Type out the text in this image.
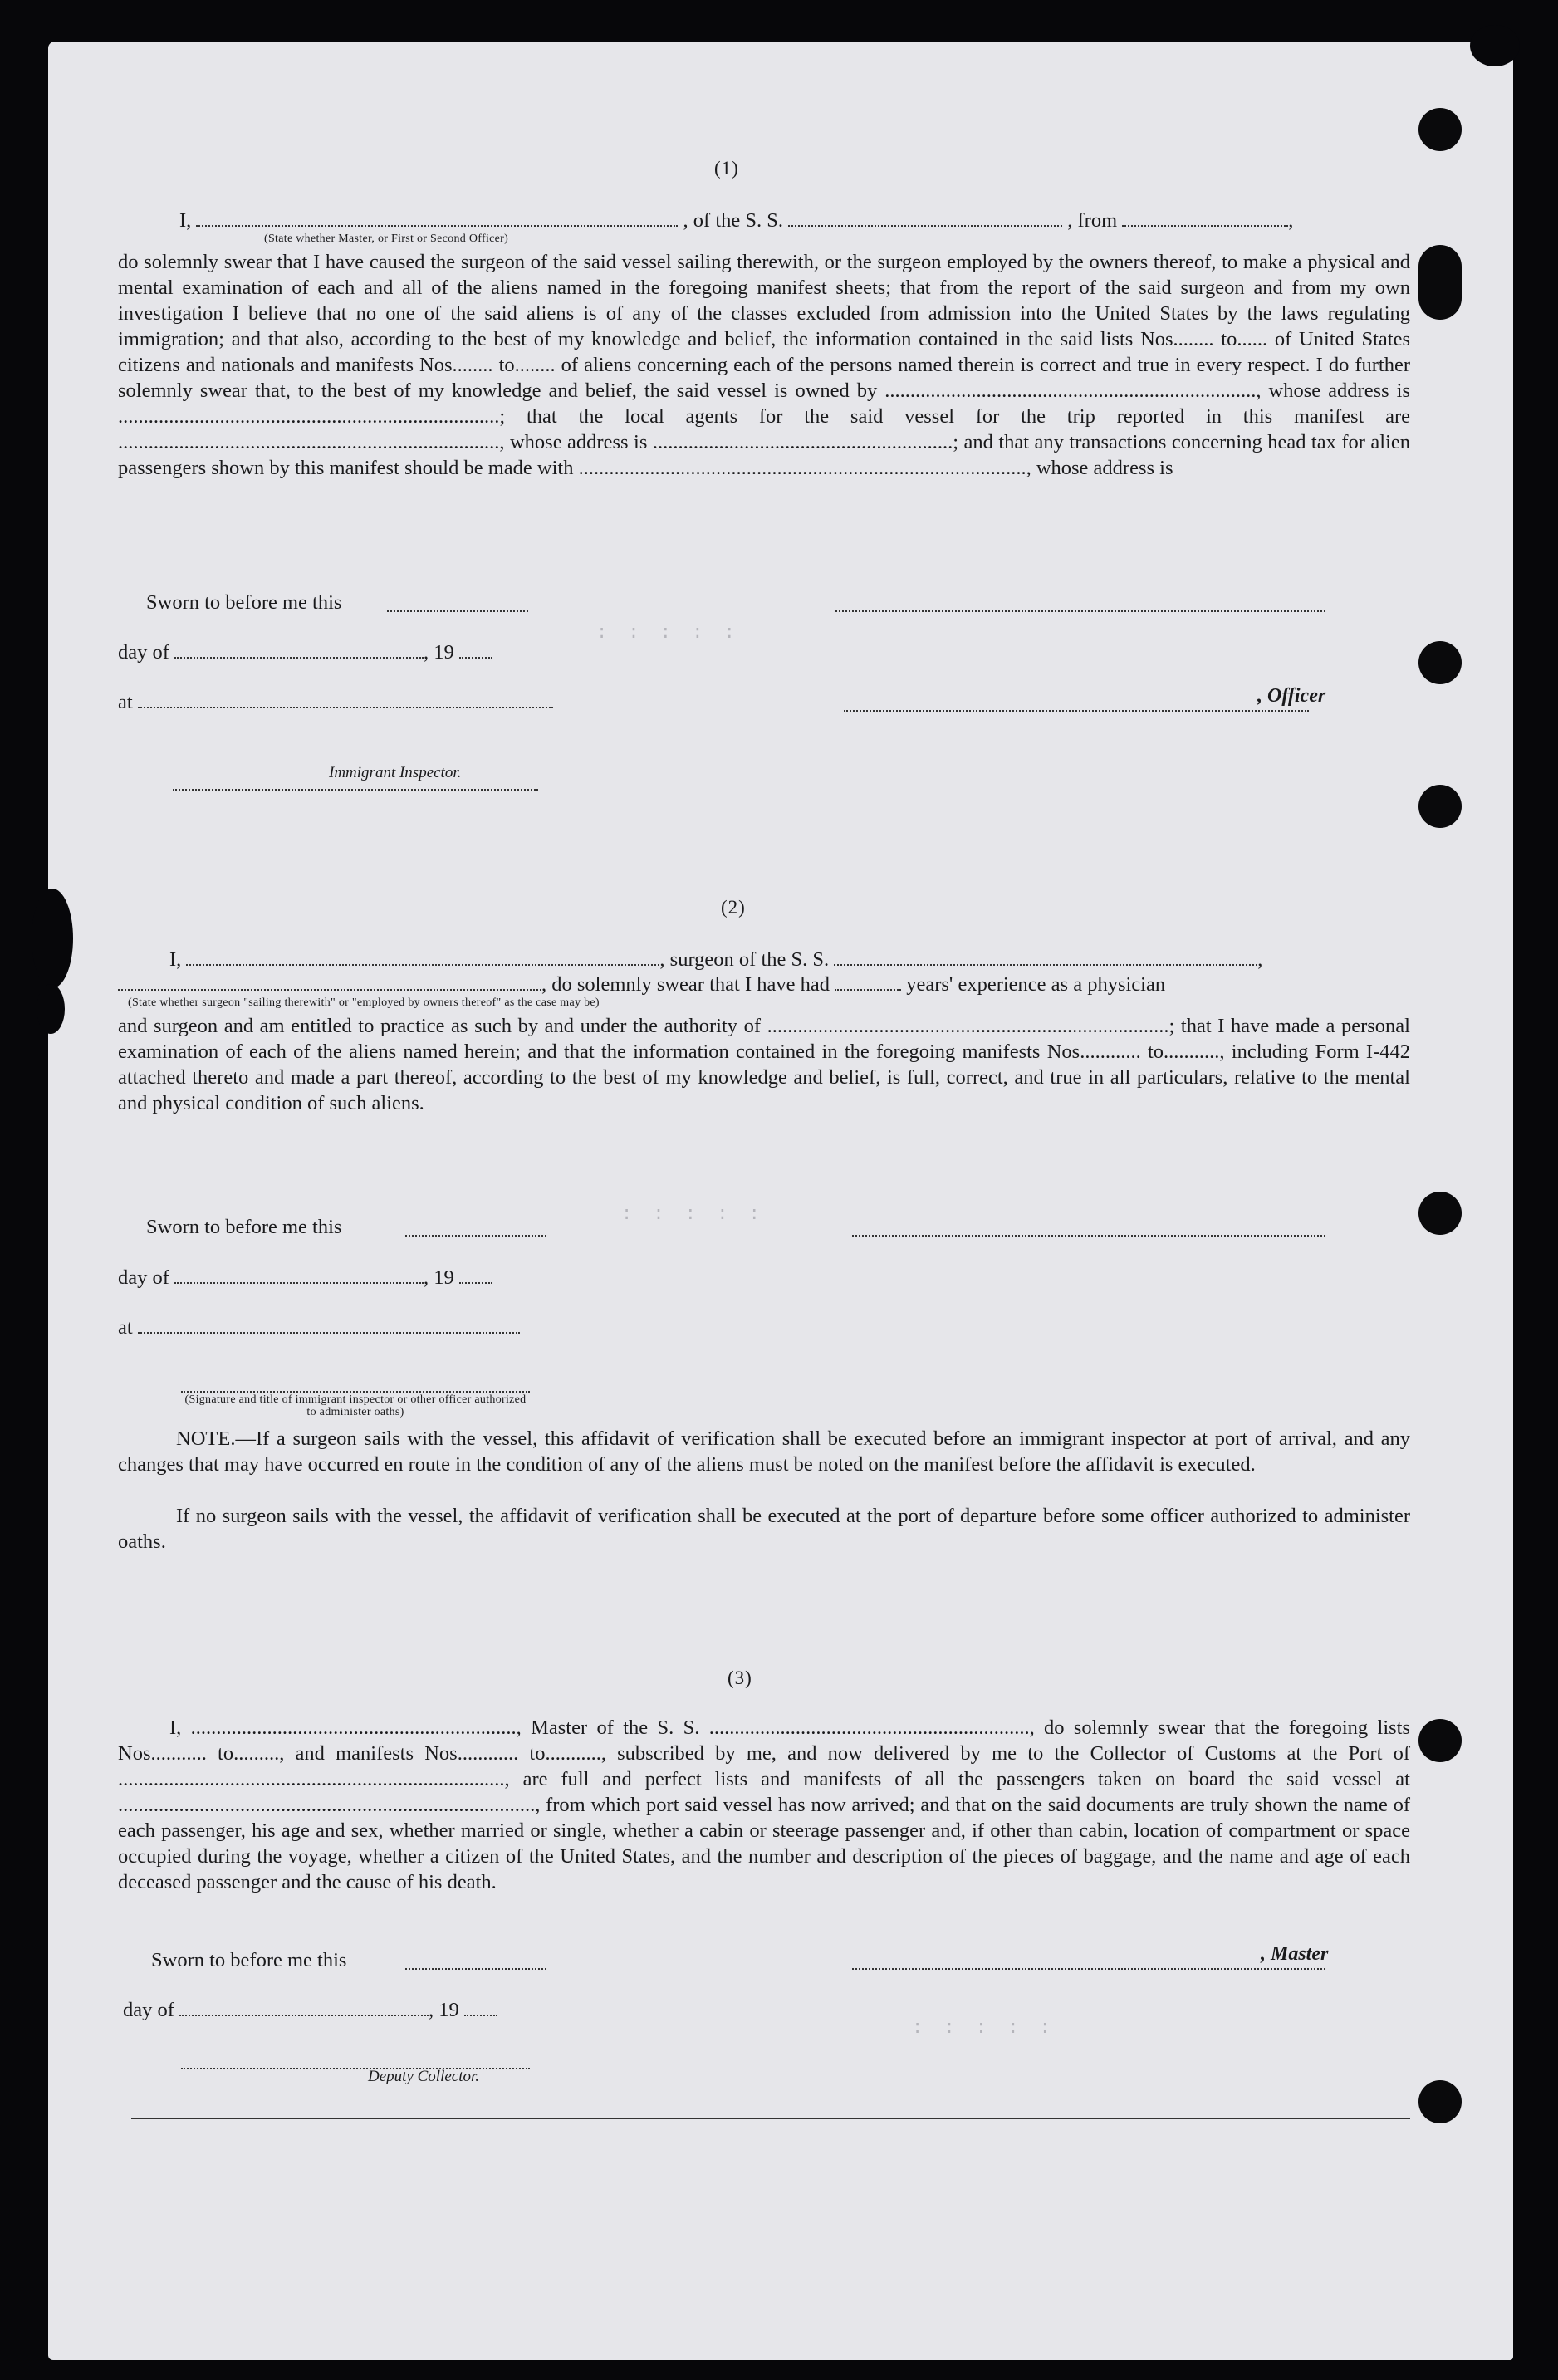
: : : : :
: : : : :
: : : : :
(1)
I,	, of the S. S.	, from	,
(State whether Master, or First or Second Officer)
do solemnly swear that I have caused the surgeon of the said vessel sailing therewith, or the surgeon employed by the owners thereof, to make a physical and mental examination of each and all of the aliens named in the foregoing manifest sheets; that from the report of the said surgeon and from my own investigation I believe that no one of the said aliens is of any of the classes excluded from admission into the United States by the laws regulating immigration; and that also, according to the best of my knowledge and belief, the information contained in the said lists Nos........ to...... of United States citizens and nationals and manifests Nos........ to........ of aliens concerning each of the persons named therein is correct and true in every respect. I do further solemnly swear that, to the best of my knowledge and belief, the said vessel is owned by ........................................................................., whose address is ...........................................................................; that the local agents for the said vessel for the trip reported in this manifest are ..........................................................................., whose address is ...........................................................; and that any transactions concerning head tax for alien passengers shown by this manifest should be made with ........................................................................................, whose address is
Sworn to before me this
day of	, 19
, Officer
at
Immigrant Inspector.
(2)
I,	, surgeon of the S. S.	,
, do solemnly swear that I have had	years' experience as a physician
(State whether surgeon "sailing therewith" or "employed by owners thereof" as the case may be)
and surgeon and am entitled to practice as such by and under the authority of ...............................................................................; that I have made a personal examination of each of the aliens named herein; and that the information contained in the foregoing manifests Nos............ to..........., including Form I-442 attached thereto and made a part thereof, according to the best of my knowledge and belief, is full, correct, and true in all particulars, relative to the mental and physical condition of such aliens.
Sworn to before me this
day of	, 19
at
(Signature and title of immigrant inspector or other officer authorized to administer oaths)
NOTE.—If a surgeon sails with the vessel, this affidavit of verification shall be executed before an immigrant inspector at port of arrival, and any changes that may have occurred en route in the condition of any of the aliens must be noted on the manifest before the affidavit is executed.
If no surgeon sails with the vessel, the affidavit of verification shall be executed at the port of departure before some officer authorized to administer oaths.
(3)
I, ................................................................, Master of the S. S. ..............................................................., do solemnly swear that the foregoing lists Nos........... to........., and manifests Nos............ to..........., subscribed by me, and now delivered by me to the Collector of Customs at the Port of ............................................................................, are full and perfect lists and manifests of all the passengers taken on board the said vessel at .................................................................................., from which port said vessel has now arrived; and that on the said documents are truly shown the name of each passenger, his age and sex, whether married or single, whether a cabin or steerage passenger and, if other than cabin, location of compartment or space occupied during the voyage, whether a citizen of the United States, and the number and description of the pieces of baggage, and the name and age of each deceased passenger and the cause of his death.
Sworn to before me this	, Master
day of	, 19
Deputy Collector.
